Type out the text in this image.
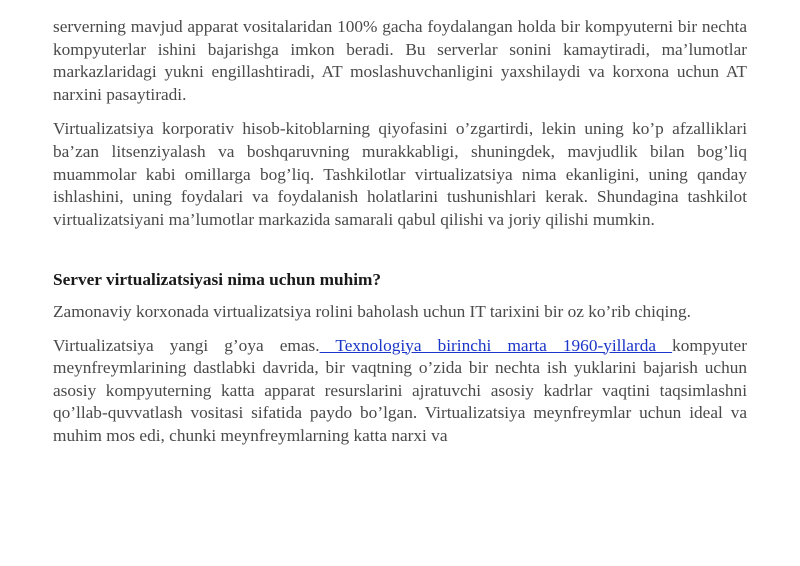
serverning mavjud apparat vositalaridan 100% gacha foydalangan holda bir kompyuterni bir nechta kompyuterlar ishini bajarishga imkon beradi. Bu serverlar sonini kamaytiradi, ma’lumotlar markazlaridagi yukni engillashtiradi, AT moslashuvchanligini yaxshilaydi va korxona uchun AT narxini pasaytiradi.

Virtualizatsiya korporativ hisob-kitoblarning qiyofasini o’zgartirdi, lekin uning ko’p afzalliklari ba’zan litsenziyalash va boshqaruvning murakkabligi, shuningdek, mavjudlik bilan bog’liq muammolar kabi omillarga bog’liq. Tashkilotlar virtualizatsiya nima ekanligini, uning qanday ishlashini, uning foydalari va foydalanish holatlarini tushunishlari kerak. Shundagina tashkilot virtualizatsiyani ma’lumotlar markazida samarali qabul qilishi va joriy qilishi mumkin.

Server virtualizatsiyasi nima uchun muhim?

Zamonaviy korxonada virtualizatsiya rolini baholash uchun IT tarixini bir oz ko’rib chiqing.

Virtualizatsiya yangi g’oya emas. Texnologiya birinchi marta 1960-yillarda kompyuter meynfreymlarining dastlabki davrida, bir vaqtning o’zida bir nechta ish yuklarini bajarish uchun asosiy kompyuterning katta apparat resurslarini ajratuvchi asosiy kadrlar vaqtini taqsimlashni qo’llab-quvvatlash vositasi sifatida paydo bo’lgan. Virtualizatsiya meynfreymlar uchun ideal va muhim mos edi, chunki meynfreymlarning katta narxi va
